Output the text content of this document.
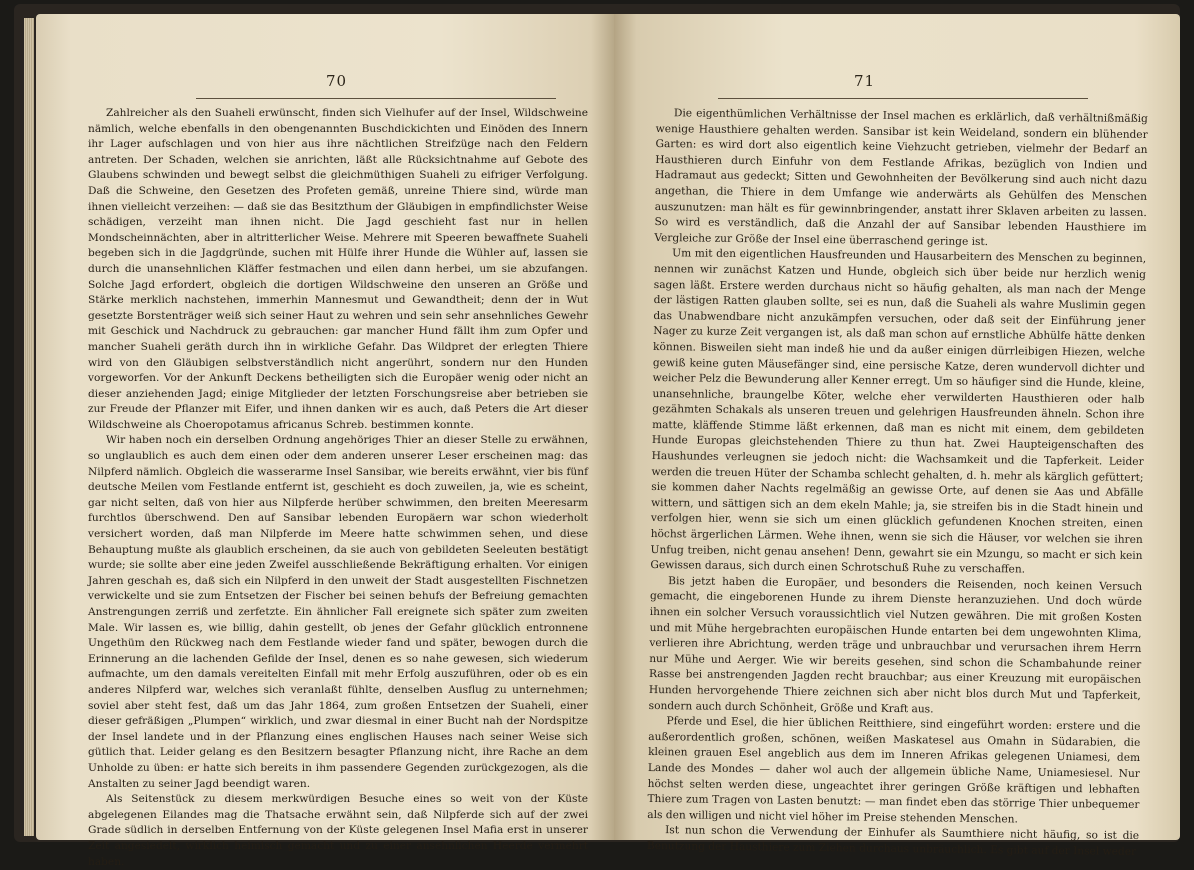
70

Zahlreicher als den Suaheli erwünscht, finden sich Vielhufer auf der Insel, Wildschweine nämlich, welche ebenfalls in den obengenannten Buschdickichten und Einöden des Innern ihr Lager aufschlagen und von hier aus ihre nächtlichen Streifzüge nach den Feldern antreten. Der Schaden, welchen sie anrichten, läßt alle Rücksichtnahme auf Gebote des Glaubens schwinden und bewegt selbst die gleichmüthigen Suaheli zu eifriger Verfolgung. Daß die Schweine, den Gesetzen des Profeten gemäß, unreine Thiere sind, würde man ihnen vielleicht verzeihen: — daß sie das Besitzthum der Gläubigen in empfindlichster Weise schädigen, verzeiht man ihnen nicht. Die Jagd geschieht fast nur in hellen Mondscheinnächten, aber in altritterlicher Weise. Mehrere mit Speeren bewaffnete Suaheli begeben sich in die Jagdgründe, suchen mit Hülfe ihrer Hunde die Wühler auf, lassen sie durch die unansehnlichen Kläffer festmachen und eilen dann herbei, um sie abzufangen. Solche Jagd erfordert, obgleich die dortigen Wildschweine den unseren an Größe und Stärke merklich nachstehen, immerhin Mannesmut und Gewandtheit; denn der in Wut gesetzte Borstenträger weiß sich seiner Haut zu wehren und sein sehr ansehnliches Gewehr mit Geschick und Nachdruck zu gebrauchen: gar mancher Hund fällt ihm zum Opfer und mancher Suaheli geräth durch ihn in wirkliche Gefahr. Das Wildpret der erlegten Thiere wird von den Gläubigen selbstverständlich nicht angerührt, sondern nur den Hunden vorgeworfen. Vor der Ankunft Deckens betheiligten sich die Europäer wenig oder nicht an dieser anziehenden Jagd; einige Mitglieder der letzten Forschungsreise aber betrieben sie zur Freude der Pflanzer mit Eifer, und ihnen danken wir es auch, daß Peters die Art dieser Wildschweine als Choeropotamus africanus Schreb. bestimmen konnte.

Wir haben noch ein derselben Ordnung angehöriges Thier an dieser Stelle zu erwähnen, so unglaublich es auch dem einen oder dem anderen unserer Leser erscheinen mag: das Nilpferd nämlich. Obgleich die wasserarme Insel Sansibar, wie bereits erwähnt, vier bis fünf deutsche Meilen vom Festlande entfernt ist, geschieht es doch zuweilen, ja, wie es scheint, gar nicht selten, daß von hier aus Nilpferde herüber schwimmen, den breiten Meeresarm furchtlos überschwend. Den auf Sansibar lebenden Europäern war schon wiederholt versichert worden, daß man Nilpferde im Meere hatte schwimmen sehen, und diese Behauptung mußte als glaublich erscheinen, da sie auch von gebildeten Seeleuten bestätigt wurde; sie sollte aber eine jeden Zweifel ausschließende Bekräftigung erhalten. Vor einigen Jahren geschah es, daß sich ein Nilpferd in den unweit der Stadt ausgestellten Fischnetzen verwickelte und sie zum Entsetzen der Fischer bei seinen behufs der Befreiung gemachten Anstrengungen zerriß und zerfetzte. Ein ähnlicher Fall ereignete sich später zum zweiten Male. Wir lassen es, wie billig, dahin gestellt, ob jenes der Gefahr glücklich entronnene Ungethüm den Rückweg nach dem Festlande wieder fand und später, bewogen durch die Erinnerung an die lachenden Gefilde der Insel, denen es so nahe gewesen, sich wiederum aufmachte, um den damals vereitelten Einfall mit mehr Erfolg auszuführen, oder ob es ein anderes Nilpferd war, welches sich veranlaßt fühlte, denselben Ausflug zu unternehmen; soviel aber steht fest, daß um das Jahr 1864, zum großen Entsetzen der Suaheli, einer dieser gefräßigen „Plumpen“ wirklich, und zwar diesmal in einer Bucht nah der Nordspitze der Insel landete und in der Pflanzung eines englischen Hauses nach seiner Weise sich gütlich that. Leider gelang es den Besitzern besagter Pflanzung nicht, ihre Rache an dem Unholde zu üben: er hatte sich bereits in ihm passendere Gegenden zurückgezogen, als die Anstalten zu seiner Jagd beendigt waren.

Als Seitenstück zu diesem merkwürdigen Besuche eines so weit von der Küste abgelegenen Eilandes mag die Thatsache erwähnt sein, daß Nilpferde sich auf der zwei Grade südlich in derselben Entfernung von der Küste gelegenen Insel Mafia erst in unserer Zeit angesiedelt, wirklich heimisch gemacht und zu einer ansehnlichen Heerde vermehrt haben.

71

Die eigenthümlichen Verhältnisse der Insel machen es erklärlich, daß verhältnißmäßig wenige Hausthiere gehalten werden. Sansibar ist kein Weideland, sondern ein blühender Garten: es wird dort also eigentlich keine Viehzucht getrieben, vielmehr der Bedarf an Hausthieren durch Einfuhr von dem Festlande Afrikas, bezüglich von Indien und Hadramaut aus gedeckt; Sitten und Gewohnheiten der Bevölkerung sind auch nicht dazu angethan, die Thiere in dem Umfange wie anderwärts als Gehülfen des Menschen auszunutzen: man hält es für gewinnbringender, anstatt ihrer Sklaven arbeiten zu lassen. So wird es verständlich, daß die Anzahl der auf Sansibar lebenden Hausthiere im Vergleiche zur Größe der Insel eine überraschend geringe ist.

Um mit den eigentlichen Hausfreunden und Hausarbeitern des Menschen zu beginnen, nennen wir zunächst Katzen und Hunde, obgleich sich über beide nur herzlich wenig sagen läßt. Erstere werden durchaus nicht so häufig gehalten, als man nach der Menge der lästigen Ratten glauben sollte, sei es nun, daß die Suaheli als wahre Muslimin gegen das Unabwendbare nicht anzukämpfen versuchen, oder daß seit der Einführung jener Nager zu kurze Zeit vergangen ist, als daß man schon auf ernstliche Abhülfe hätte denken können. Bisweilen sieht man indeß hie und da außer einigen dürrleibigen Hiezen, welche gewiß keine guten Mäusefänger sind, eine persische Katze, deren wundervoll dichter und weicher Pelz die Bewunderung aller Kenner erregt. Um so häufiger sind die Hunde, kleine, unansehnliche, braungelbe Köter, welche eher verwilderten Hausthieren oder halb gezähmten Schakals als unseren treuen und gelehrigen Hausfreunden ähneln. Schon ihre matte, kläffende Stimme läßt erkennen, daß man es nicht mit einem, dem gebildeten Hunde Europas gleichstehenden Thiere zu thun hat. Zwei Haupteigenschaften des Haushundes verleugnen sie jedoch nicht: die Wachsamkeit und die Tapferkeit. Leider werden die treuen Hüter der Schamba schlecht gehalten, d. h. mehr als kärglich gefüttert; sie kommen daher Nachts regelmäßig an gewisse Orte, auf denen sie Aas und Abfälle wittern, und sättigen sich an dem ekeln Mahle; ja, sie streifen bis in die Stadt hinein und verfolgen hier, wenn sie sich um einen glücklich gefundenen Knochen streiten, einen höchst ärgerlichen Lärmen. Wehe ihnen, wenn sie sich die Häuser, vor welchen sie ihren Unfug treiben, nicht genau ansehen! Denn, gewahrt sie ein Mzungu, so macht er sich kein Gewissen daraus, sich durch einen Schrotschuß Ruhe zu verschaffen.

Bis jetzt haben die Europäer, und besonders die Reisenden, noch keinen Versuch gemacht, die eingeborenen Hunde zu ihrem Dienste heranzuziehen. Und doch würde ihnen ein solcher Versuch voraussichtlich viel Nutzen gewähren. Die mit großen Kosten und mit Mühe hergebrachten europäischen Hunde entarten bei dem ungewohnten Klima, verlieren ihre Abrichtung, werden träge und unbrauchbar und verursachen ihrem Herrn nur Mühe und Aerger. Wie wir bereits gesehen, sind schon die Schambahunde reiner Rasse bei anstrengenden Jagden recht brauchbar; aus einer Kreuzung mit europäischen Hunden hervorgehende Thiere zeichnen sich aber nicht blos durch Mut und Tapferkeit, sondern auch durch Schönheit, Größe und Kraft aus.

Pferde und Esel, die hier üblichen Reitthiere, sind eingeführt worden: erstere und die außerordentlich großen, schönen, weißen Maskatesel aus Omahn in Südarabien, die kleinen grauen Esel angeblich aus dem im Inneren Afrikas gelegenen Uniamesi, dem Lande des Mondes — daher wol auch der allgemein übliche Name, Uniamesiesel. Nur höchst selten werden diese, ungeachtet ihrer geringen Größe kräftigen und lebhaften Thiere zum Tragen von Lasten benutzt: — man findet eben das störrige Thier unbequemer als den willigen und nicht viel höher im Preise stehenden Menschen.

Ist nun schon die Verwendung der Einhufer als Saumthiere nicht häufig, so ist die Benutzung der Hausthiere zum Ziehen durchaus unbräuchlich. Es gibt auf der Insel weder
